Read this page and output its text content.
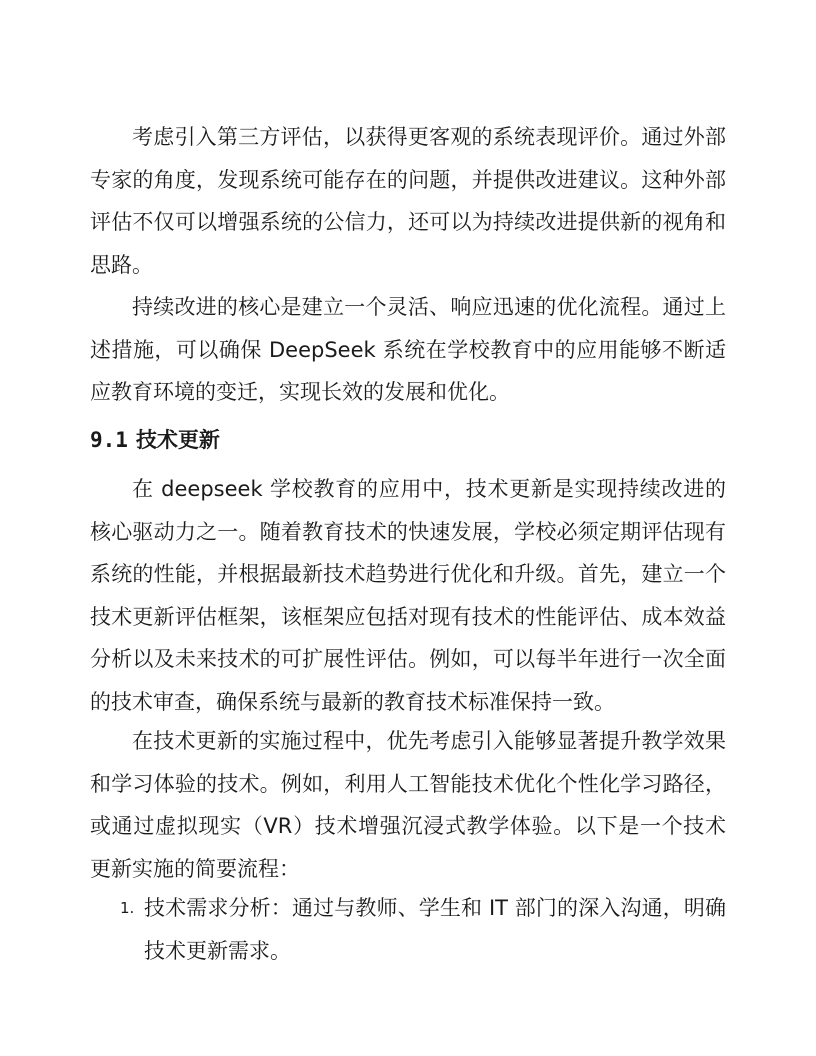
考虑引入第三方评估，以获得更客观的系统表现评价。通过外部专家的角度，发现系统可能存在的问题，并提供改进建议。这种外部评估不仅可以增强系统的公信力，还可以为持续改进提供新的视角和思路。

持续改进的核心是建立一个灵活、响应迅速的优化流程。通过上述措施，可以确保 DeepSeek 系统在学校教育中的应用能够不断适应教育环境的变迁，实现长效的发展和优化。

9.1 技术更新

在 deepseek 学校教育的应用中，技术更新是实现持续改进的核心驱动力之一。随着教育技术的快速发展，学校必须定期评估现有系统的性能，并根据最新技术趋势进行优化和升级。首先，建立一个技术更新评估框架，该框架应包括对现有技术的性能评估、成本效益分析以及未来技术的可扩展性评估。例如，可以每半年进行一次全面的技术审查，确保系统与最新的教育技术标准保持一致。

在技术更新的实施过程中，优先考虑引入能够显著提升教学效果和学习体验的技术。例如，利用人工智能技术优化个性化学习路径，或通过虚拟现实（VR）技术增强沉浸式教学体验。以下是一个技术更新实施的简要流程：

1. 技术需求分析：通过与教师、学生和 IT 部门的深入沟通，明确技术更新需求。
